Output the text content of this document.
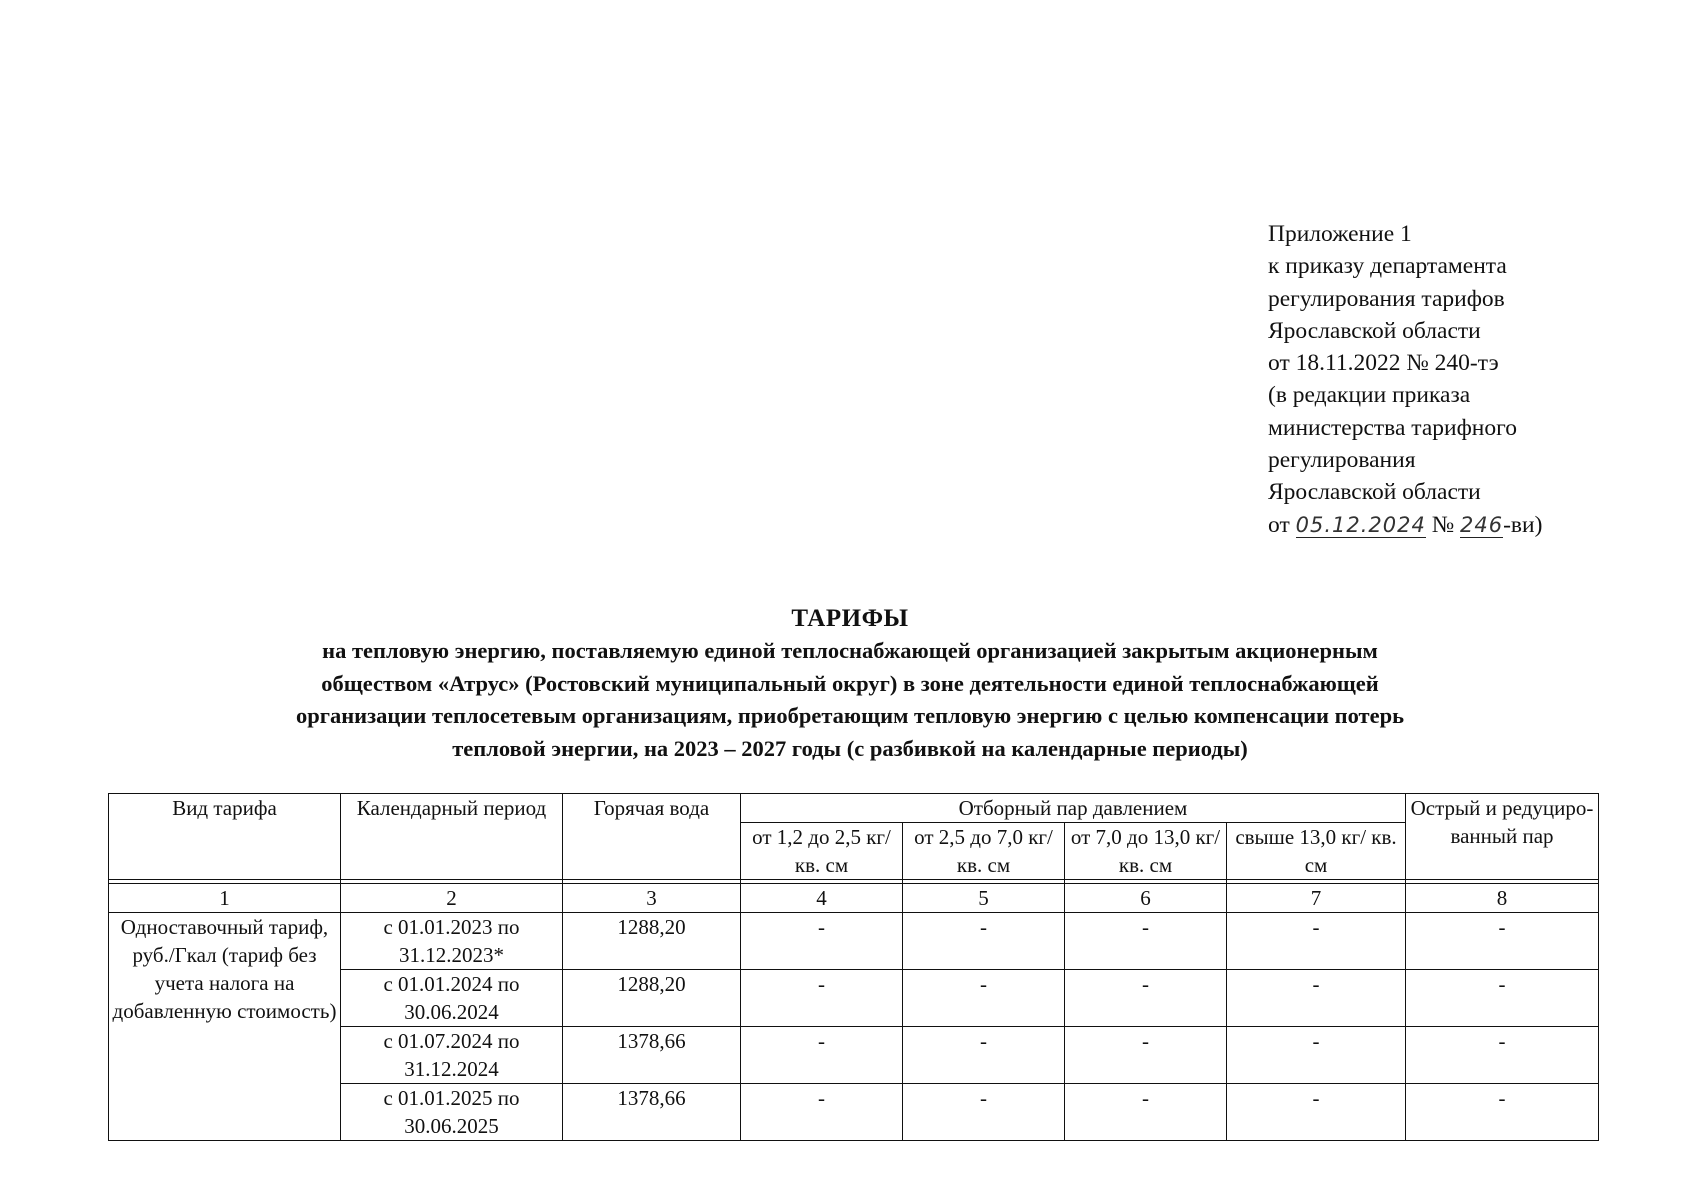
Приложение 1
к приказу департамента
регулирования тарифов
Ярославской области
от 18.11.2022 № 240-тэ
(в редакции приказа
министерства тарифного
регулирования
Ярославской области
от 05.12.2024 № 246-ви)
ТАРИФЫ
на тепловую энергию, поставляемую единой теплоснабжающей организацией закрытым акционерным
обществом «Атрус» (Ростовский муниципальный округ) в зоне деятельности единой теплоснабжающей
организации теплосетевым организациям, приобретающим тепловую энергию с целью компенсации потерь
тепловой энергии, на 2023 – 2027 годы (с разбивкой на календарные периоды)
Вид тарифа	Календарный период	Горячая вода	Отборный пар давлением				Острый и редуциро-ванный пар
			от 1,2 до 2,5 кг/ кв. см	от 2,5 до 7,0 кг/ кв. см	от 7,0 до 13,0 кг/ кв. см	свыше 13,0 кг/ кв. см	

1	2	3	4	5	6	7	8
Одноставочный тариф, руб./Гкал (тариф без учета налога на добавленную стоимость)	с 01.01.2023 по 31.12.2023*	1288,20	-	-	-	-	-
	с 01.01.2024 по 30.06.2024	1288,20	-	-	-	-	-
	с 01.07.2024 по 31.12.2024	1378,66	-	-	-	-	-
	с 01.01.2025 по 30.06.2025	1378,66	-	-	-	-	-
